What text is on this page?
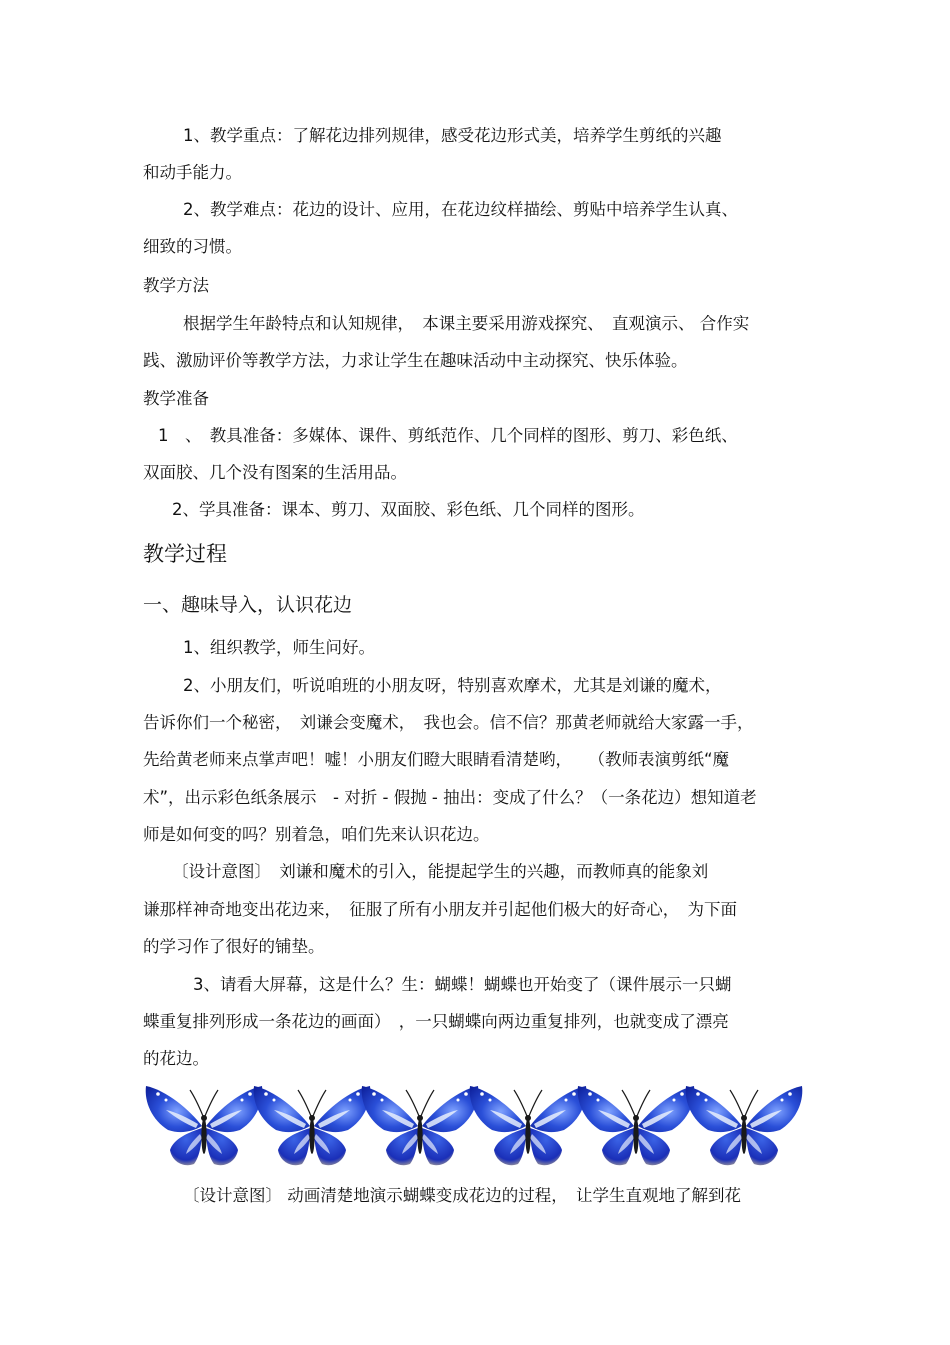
1、教学重点：了解花边排列规律，感受花边形式美，培养学生剪纸的兴趣
和动手能力。
2、教学难点：花边的设计、应用，在花边纹样描绘、剪贴中培养学生认真、
细致的习惯。
教学方法
根据学生年龄特点和认知规律，　本课主要采用游戏探究、　直观演示、 合作实
践、激励评价等教学方法，力求让学生在趣味活动中主动探究、快乐体验。
教学准备
1　、　教具准备：多媒体、课件、剪纸范作、几个同样的图形、剪刀、彩色纸、
双面胶、几个没有图案的生活用品。
2、学具准备：课本、剪刀、双面胶、彩色纸、几个同样的图形。
教学过程
一、趣味导入，认识花边
1、组织教学，师生问好。
2、小朋友们，听说咱班的小朋友呀，特别喜欢摩术，尤其是刘谦的魔术，
告诉你们一个秘密，　刘谦会变魔术，　我也会。信不信？那黄老师就给大家露一手，
先给黄老师来点掌声吧！嘘！小朋友们瞪大眼睛看清楚哟，　　（教师表演剪纸“魔
术”，出示彩色纸条展示　- 对折 - 假抛 - 抽出：变成了什么？（一条花边）想知道老
师是如何变的吗？别着急，咱们先来认识花边。
〔设计意图〕　刘谦和魔术的引入，能提起学生的兴趣，而教师真的能象刘
谦那样神奇地变出花边来，　征服了所有小朋友并引起他们极大的好奇心，　为下面
的学习作了很好的铺垫。
3、请看大屏幕，这是什么？生：蝴蝶！蝴蝶也开始变了（课件展示一只蝴
蝶重复排列形成一条花边的画面）　，一只蝴蝶向两边重复排列，也就变成了漂亮
的花边。
〔设计意图〕 动画清楚地演示蝴蝶变成花边的过程，　让学生直观地了解到花
